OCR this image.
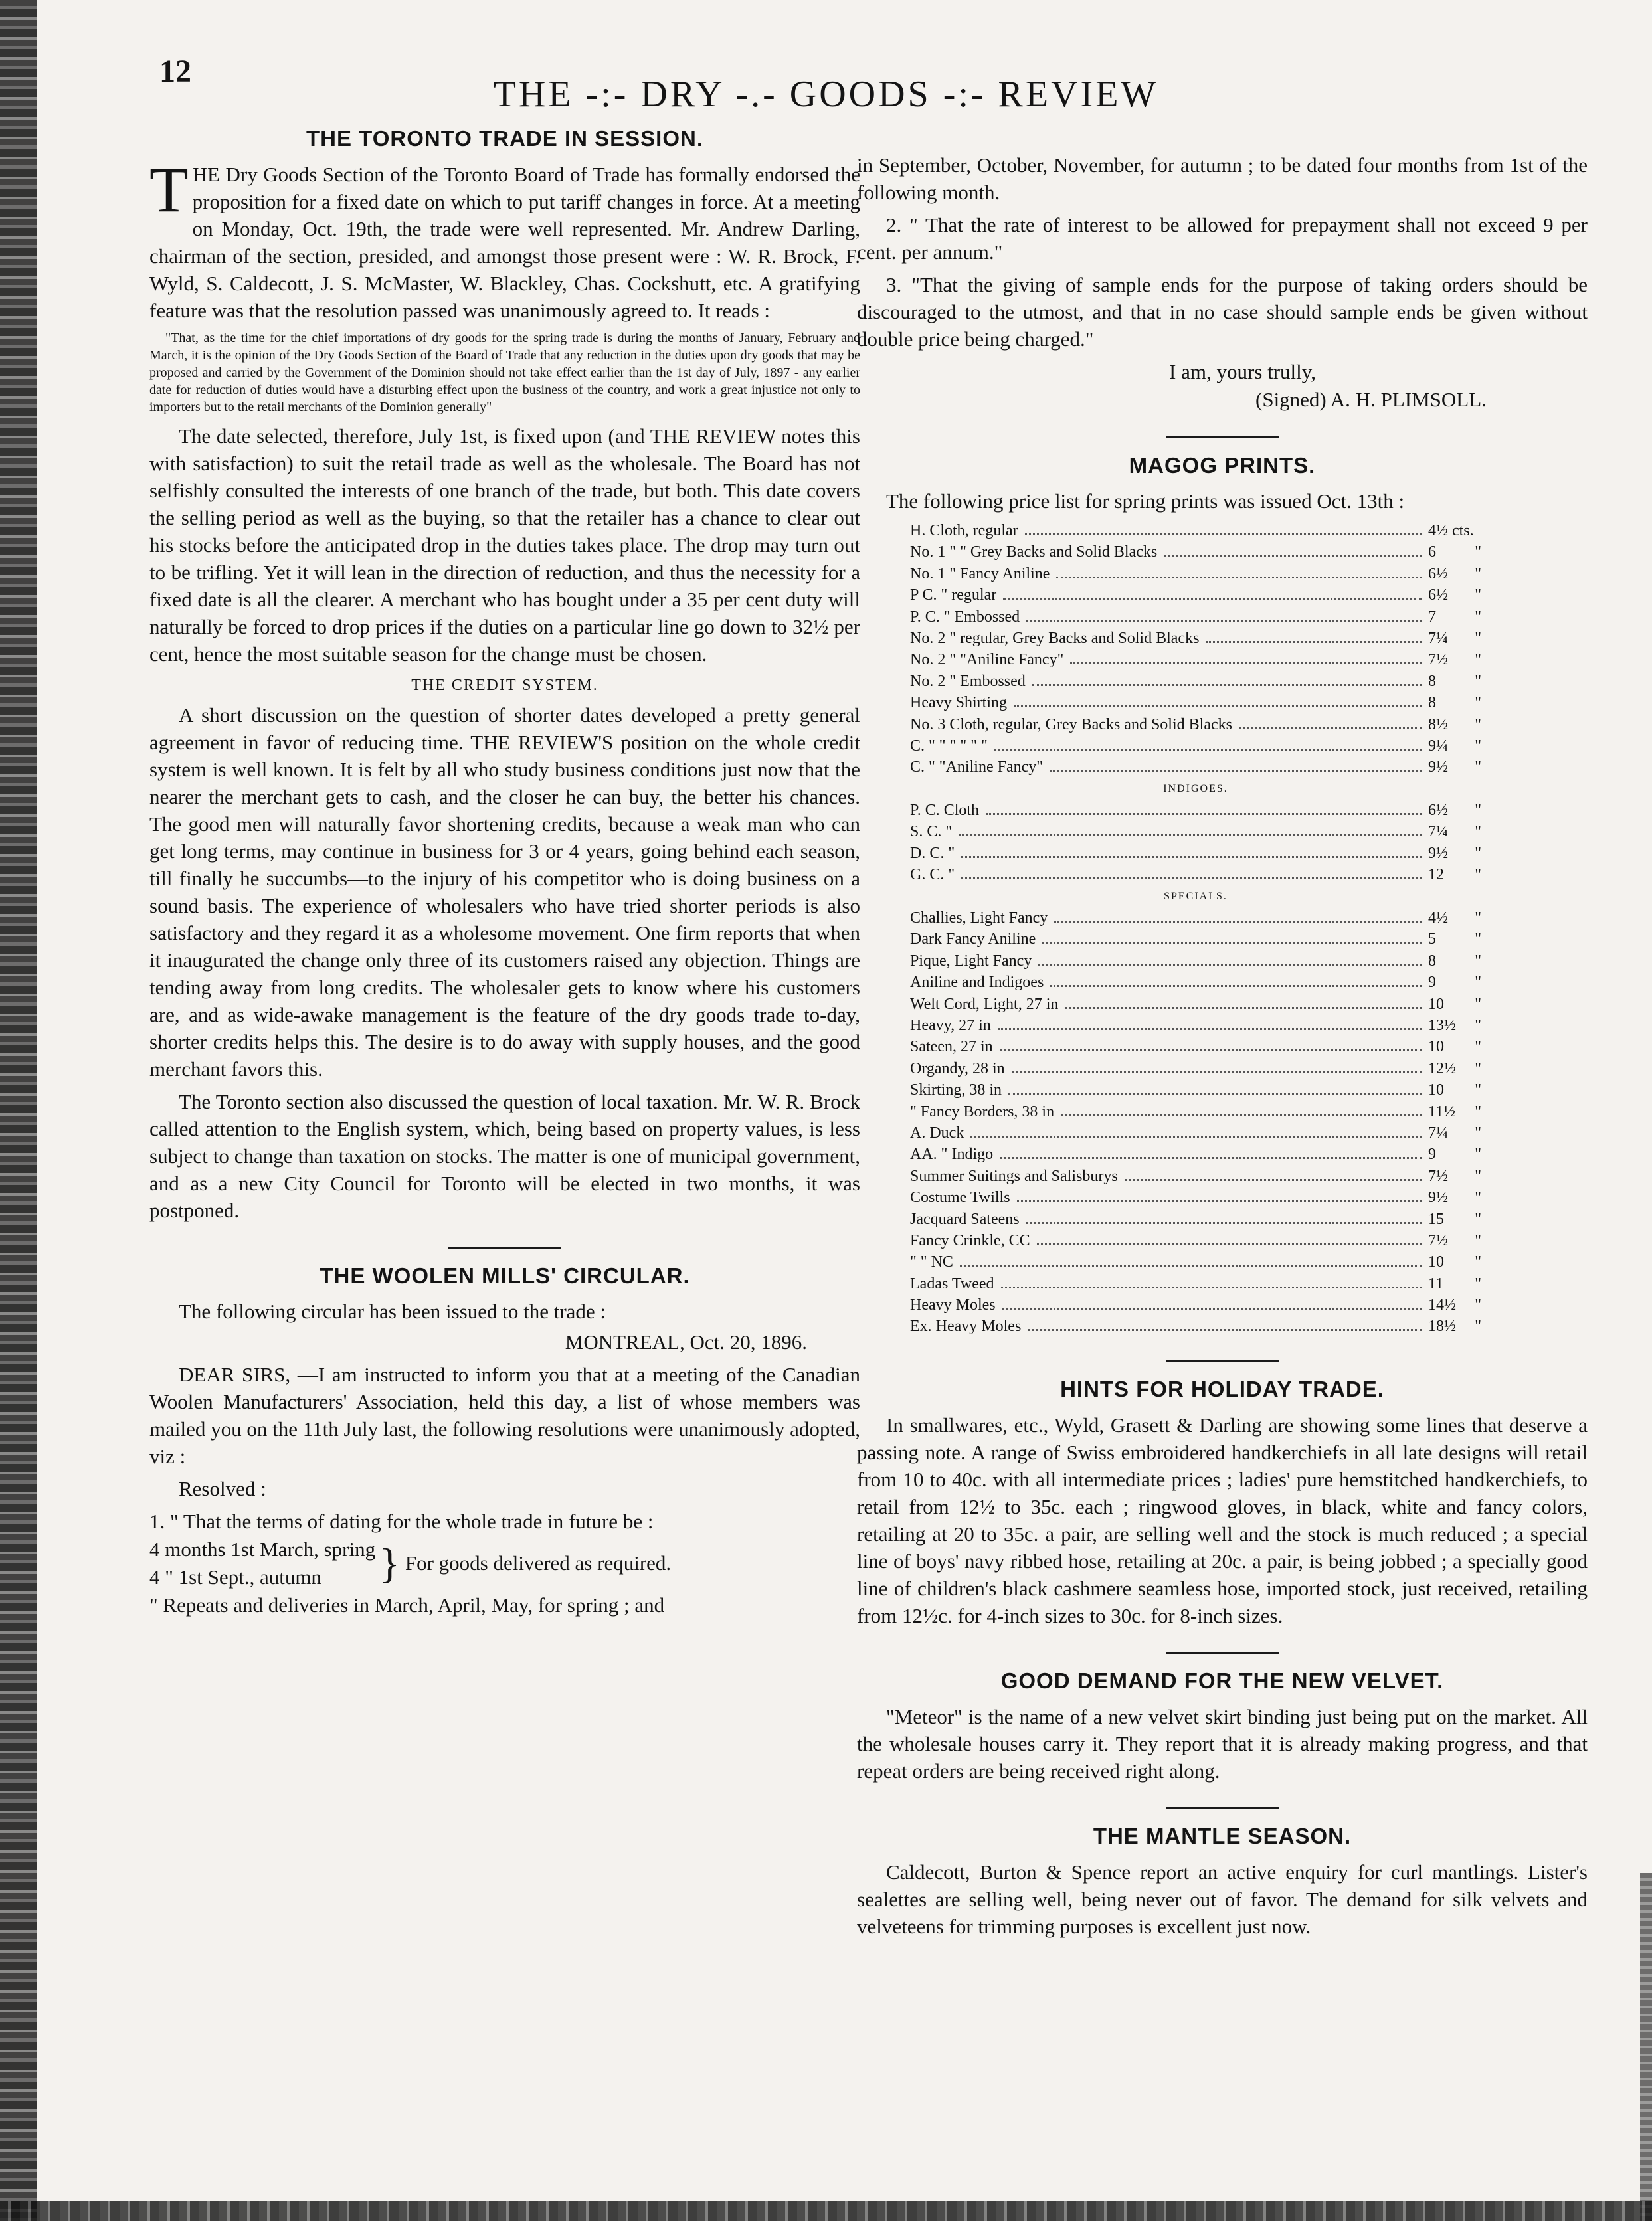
12
THE -:- DRY -.- GOODS -:- REVIEW
THE TORONTO TRADE IN SESSION.

THE Dry Goods Section of the Toronto Board of Trade has formally endorsed the proposition for a fixed date on which to put tariff changes in force. At a meeting on Monday, Oct. 19th, the trade were well represented. Mr. Andrew Darling, chairman of the section, presided, and amongst those present were : W. R. Brock, F. Wyld, S. Caldecott, J. S. McMaster, W. Blackley, Chas. Cockshutt, etc. A gratifying feature was that the resolution passed was unanimously agreed to. It reads :

"That, as the time for the chief importations of dry goods for the spring trade is during the months of January, February and March, it is the opinion of the Dry Goods Section of the Board of Trade that any reduction in the duties upon dry goods that may be proposed and carried by the Government of the Dominion should not take effect earlier than the 1st day of July, 1897 - any earlier date for reduction of duties would have a disturbing effect upon the business of the country, and work a great injustice not only to importers but to the retail merchants of the Dominion generally"

The date selected, therefore, July 1st, is fixed upon (and THE REVIEW notes this with satisfaction) to suit the retail trade as well as the wholesale. The Board has not selfishly consulted the interests of one branch of the trade, but both. This date covers the selling period as well as the buying, so that the retailer has a chance to clear out his stocks before the anticipated drop in the duties takes place. The drop may turn out to be trifling. Yet it will lean in the direction of reduction, and thus the necessity for a fixed date is all the clearer. A merchant who has bought under a 35 per cent duty will naturally be forced to drop prices if the duties on a particular line go down to 32½ per cent, hence the most suitable season for the change must be chosen.

THE CREDIT SYSTEM.

A short discussion on the question of shorter dates developed a pretty general agreement in favor of reducing time. THE REVIEW'S position on the whole credit system is well known. It is felt by all who study business conditions just now that the nearer the merchant gets to cash, and the closer he can buy, the better his chances. The good men will naturally favor shortening credits, because a weak man who can get long terms, may continue in business for 3 or 4 years, going behind each season, till finally he succumbs—to the injury of his competitor who is doing business on a sound basis. The experience of wholesalers who have tried shorter periods is also satisfactory and they regard it as a wholesome movement. One firm reports that when it inaugurated the change only three of its customers raised any objection. Things are tending away from long credits. The wholesaler gets to know where his customers are, and as wide-awake management is the feature of the dry goods trade to-day, shorter credits helps this. The desire is to do away with supply houses, and the good merchant favors this.

The Toronto section also discussed the question of local taxation. Mr. W. R. Brock called attention to the English system, which, being based on property values, is less subject to change than taxation on stocks. The matter is one of municipal government, and as a new City Council for Toronto will be elected in two months, it was postponed.

THE WOOLEN MILLS' CIRCULAR.

The following circular has been issued to the trade :

MONTREAL, Oct. 20, 1896.

DEAR SIRS, —I am instructed to inform you that at a meeting of the Canadian Woolen Manufacturers' Association, held this day, a list of whose members was mailed you on the 11th July last, the following resolutions were unanimously adopted, viz :

Resolved :

1. " That the terms of dating for the whole trade in future be :
4 months 1st March, spring
4 " 1st Sept., autumn	} For goods delivered as required.
" Repeats and deliveries in March, April, May, for spring ; and

in September, October, November, for autumn ; to be dated four months from 1st of the following month.

2. " That the rate of interest to be allowed for prepayment shall not exceed 9 per cent. per annum."

3. "That the giving of sample ends for the purpose of taking orders should be discouraged to the utmost, and that in no case should sample ends be given without double price being charged."

I am, yours trully,
(Signed) A. H. PLIMSOLL.
MAGOG PRINTS.

The following price list for spring prints was issued Oct. 13th :

H. Cloth, regular	4½ cts.
No. 1 " " Grey Backs and Solid Blacks	6 "
No. 1 " Fancy Aniline	6½ "
P C. " regular	6½ "
P. C. " Embossed	7 "
No. 2 " regular, Grey Backs and Solid Blacks	7¼ "
No. 2 " "Aniline Fancy"	7½ "
No. 2 " Embossed	8 "
Heavy Shirting	8 "
No. 3 Cloth, regular, Grey Backs and Solid Blacks	8½ "
C. " " " " " "	9¼ "
C. " "Aniline Fancy"	9½ "
INDIGOES.
P. C. Cloth	6½ "
S. C. "	7¼ "
D. C. "	9½ "
G. C. "	12 "
SPECIALS.
Challies, Light Fancy	4½ "
Dark Fancy Aniline	5 "
Pique, Light Fancy	8 "
Aniline and Indigoes	9 "
Welt Cord, Light, 27 in	10 "
Heavy, 27 in	13½ "
Sateen, 27 in	10 "
Organdy, 28 in	12½ "
Skirting, 38 in	10 "
" Fancy Borders, 38 in	11½ "
A. Duck	7¼ "
AA. " Indigo	9 "
Summer Suitings and Salisburys	7½ "
Costume Twills	9½ "
Jacquard Sateens	15 "
Fancy Crinkle, CC	7½ "
" " NC	10 "
Ladas Tweed	11 "
Heavy Moles	14½ "
Ex. Heavy Moles	18½ "
HINTS FOR HOLIDAY TRADE.

In smallwares, etc., Wyld, Grasett & Darling are showing some lines that deserve a passing note. A range of Swiss embroidered handkerchiefs in all late designs will retail from 10 to 40c. with all intermediate prices ; ladies' pure hemstitched handkerchiefs, to retail from 12½ to 35c. each ; ringwood gloves, in black, white and fancy colors, retailing at 20 to 35c. a pair, are selling well and the stock is much reduced ; a special line of boys' navy ribbed hose, retailing at 20c. a pair, is being jobbed ; a specially good line of children's black cashmere seamless hose, imported stock, just received, retailing from 12½c. for 4-inch sizes to 30c. for 8-inch sizes.

GOOD DEMAND FOR THE NEW VELVET.

"Meteor" is the name of a new velvet skirt binding just being put on the market. All the wholesale houses carry it. They report that it is already making progress, and that repeat orders are being received right along.

THE MANTLE SEASON.

Caldecott, Burton & Spence report an active enquiry for curl mantlings. Lister's sealettes are selling well, being never out of favor. The demand for silk velvets and velveteens for trimming purposes is excellent just now.
